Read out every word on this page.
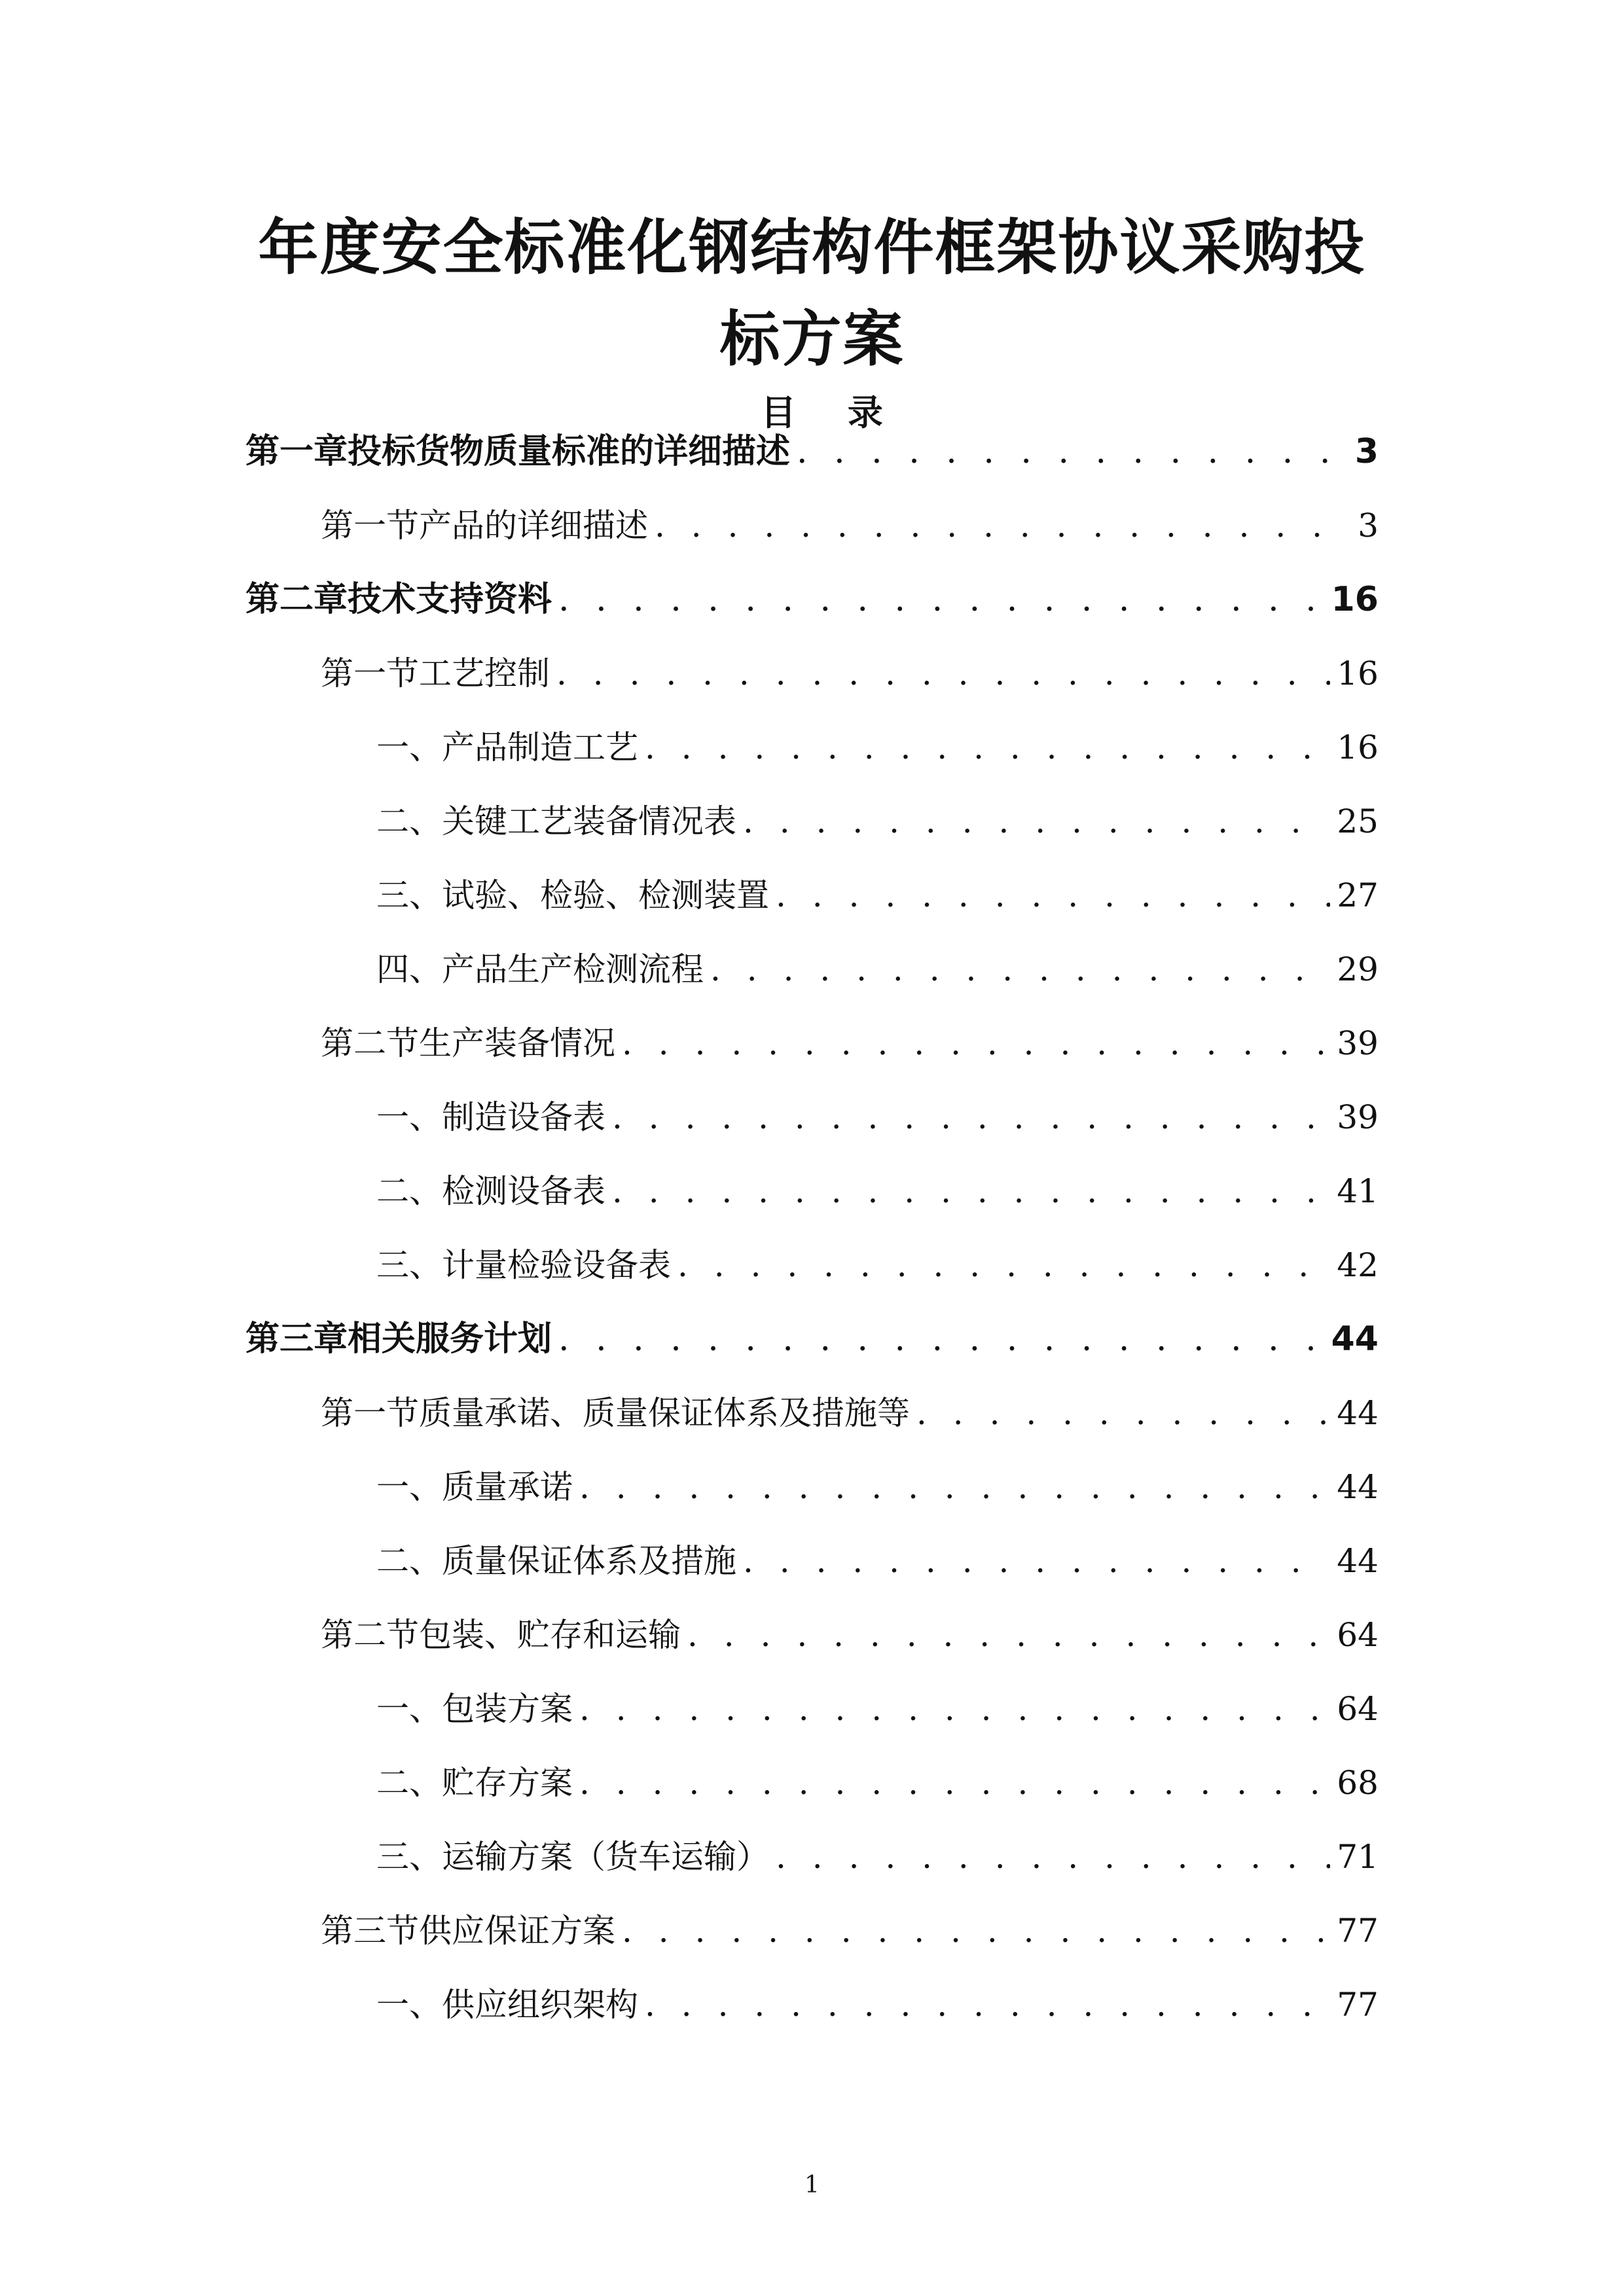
年度安全标准化钢结构件框架协议采购投
标方案
目 录
第一章 投标货物质量标准的详细描述 . . .	3
第一节 产品的详细描述 . . .	3
第二章 技术支持资料 . . .	16
第一节 工艺控制 . . .	16
一、 产品制造工艺 . . .	16
二、 关键工艺装备情况表 . . .	25
三、 试验、检验、检测装置 . . .	27
四、 产品生产检测流程 . . .	29
第二节 生产装备情况 . . .	39
一、 制造设备表 . . .	39
二、 检测设备表 . . .	41
三、 计量检验设备表 . . .	42
第三章 相关服务计划 . . .	44
第一节 质量承诺、质量保证体系及措施等 . . .	44
一、 质量承诺 . . .	44
二、 质量保证体系及措施 . . .	44
第二节 包装、贮存和运输 . . .	64
一、 包装方案 . . .	64
二、 贮存方案 . . .	68
三、 运输方案（货车运输） . . .	71
第三节 供应保证方案 . . .	77
一、 供应组织架构 . . .	77
1
